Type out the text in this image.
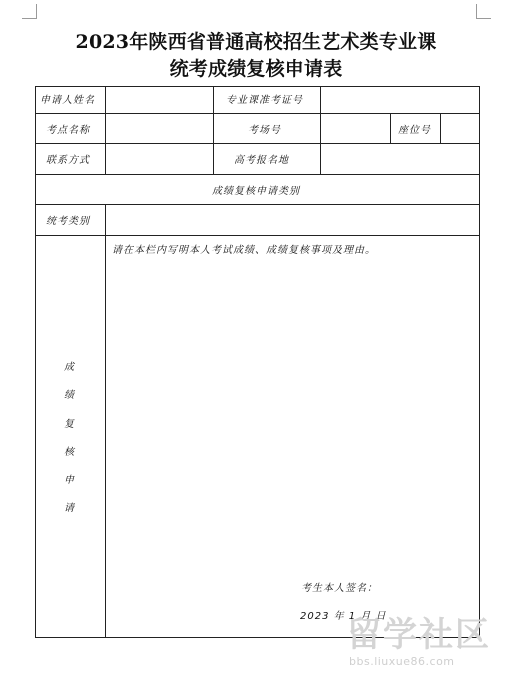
2023年陕西省普通高校招生艺术类专业课
统考成绩复核申请表
申请人姓名	专业课准考证号
考点名称	考场号	座位号
联系方式	高考报名地
成绩复核申请类别
统考类别
请在本栏内写明本人考试成绩、成绩复核事项及理由。
成
绩
复
核
申
请
考生本人签名：
2023 年 1 月 日
留学社区
bbs.liuxue86.com
